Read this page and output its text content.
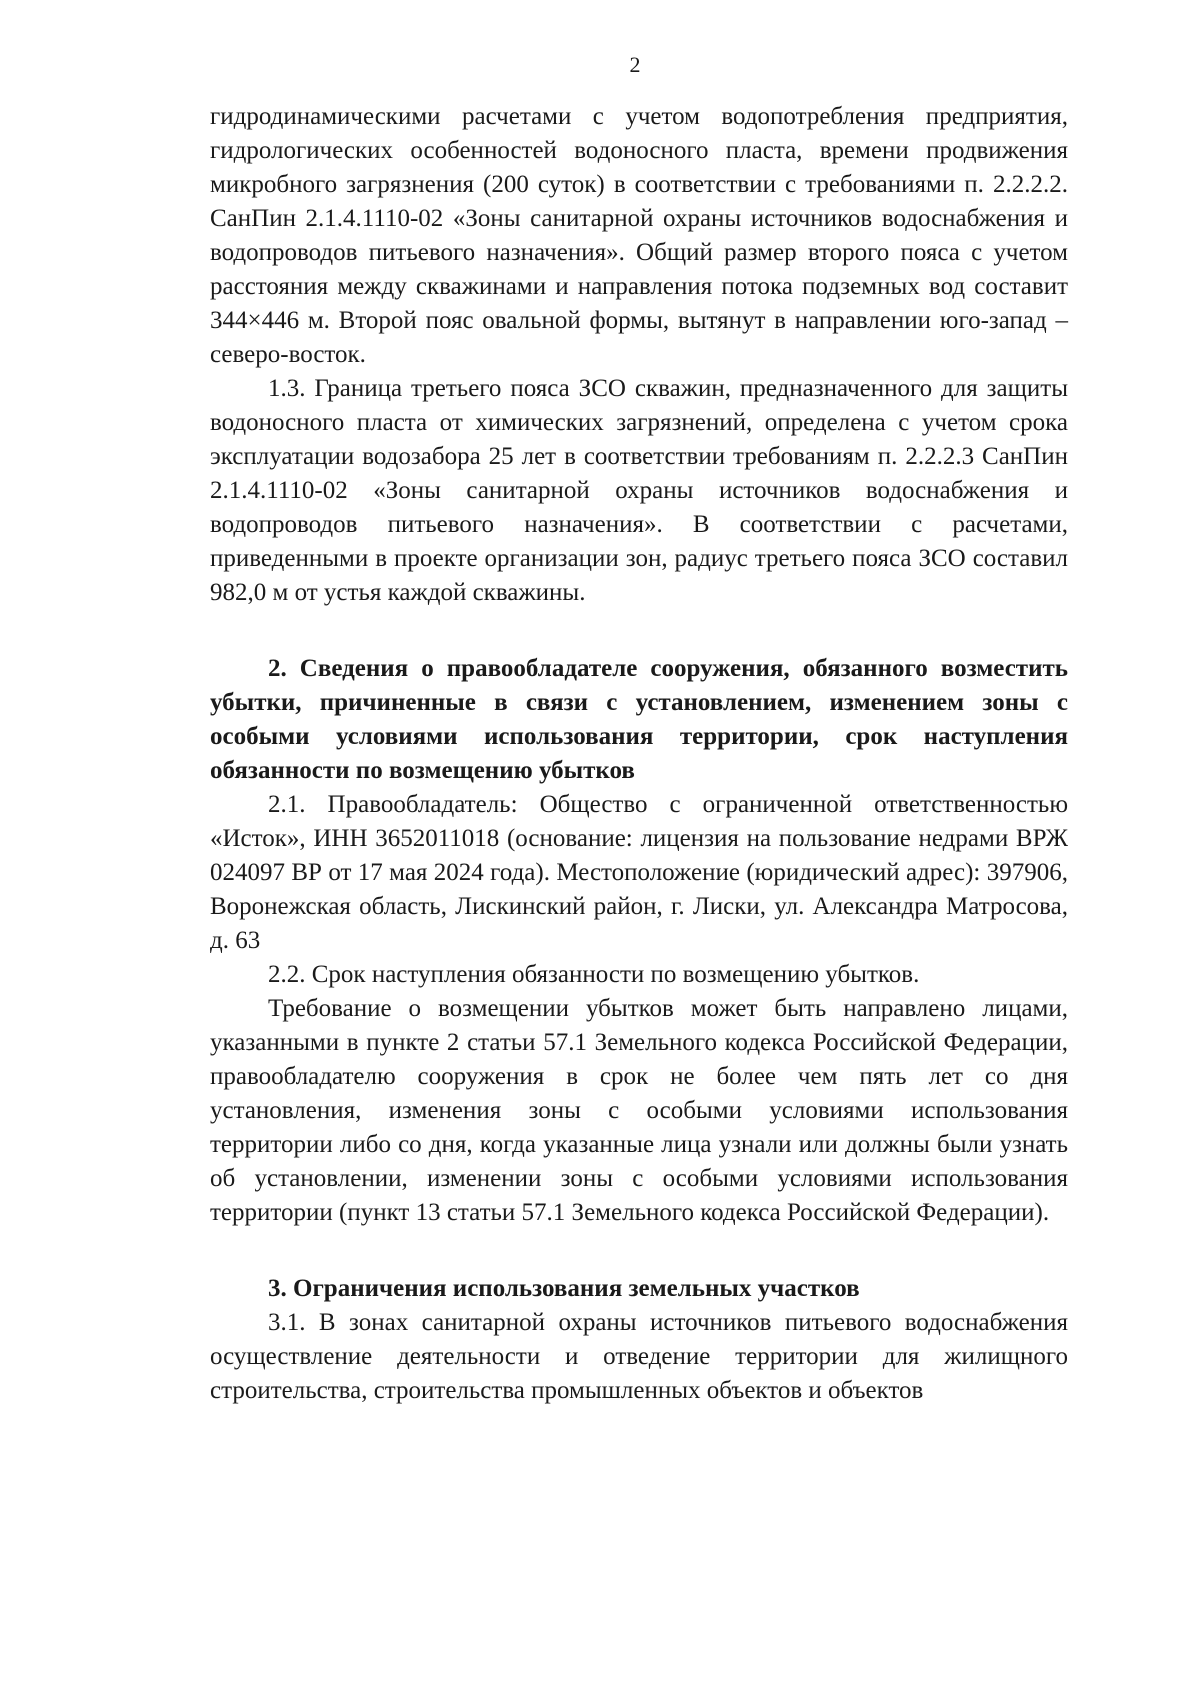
2

гидродинамическими расчетами с учетом водопотребления предприятия, гидрологических особенностей водоносного пласта, времени продвижения микробного загрязнения (200 суток) в соответствии с требованиями п. 2.2.2.2. СанПин 2.1.4.1110-02 «Зоны санитарной охраны источников водоснабжения и водопроводов питьевого назначения». Общий размер второго пояса с учетом расстояния между скважинами и направления потока подземных вод составит 344×446 м. Второй пояс овальной формы, вытянут в направлении юго-запад – северо-восток.

1.3. Граница третьего пояса ЗСО скважин, предназначенного для защиты водоносного пласта от химических загрязнений, определена с учетом срока эксплуатации водозабора 25 лет в соответствии требованиям п. 2.2.2.3 СанПин 2.1.4.1110-02 «Зоны санитарной охраны источников водоснабжения и водопроводов питьевого назначения». В соответствии с расчетами, приведенными в проекте организации зон, радиус третьего пояса ЗСО составил 982,0 м от устья каждой скважины.

2. Сведения о правообладателе сооружения, обязанного возместить убытки, причиненные в связи с установлением, изменением зоны с особыми условиями использования территории, срок наступления обязанности по возмещению убытков

2.1. Правообладатель: Общество с ограниченной ответственностью «Исток», ИНН 3652011018 (основание: лицензия на пользование недрами ВРЖ 024097 ВР от 17 мая 2024 года). Местоположение (юридический адрес): 397906, Воронежская область, Лискинский район, г. Лиски, ул. Александра Матросова, д. 63

2.2. Срок наступления обязанности по возмещению убытков.

Требование о возмещении убытков может быть направлено лицами, указанными в пункте 2 статьи 57.1 Земельного кодекса Российской Федерации, правообладателю сооружения в срок не более чем пять лет со дня установления, изменения зоны с особыми условиями использования территории либо со дня, когда указанные лица узнали или должны были узнать об установлении, изменении зоны с особыми условиями использования территории (пункт 13 статьи 57.1 Земельного кодекса Российской Федерации).

3. Ограничения использования земельных участков

3.1. В зонах санитарной охраны источников питьевого водоснабжения осуществление деятельности и отведение территории для жилищного строительства, строительства промышленных объектов и объектов
